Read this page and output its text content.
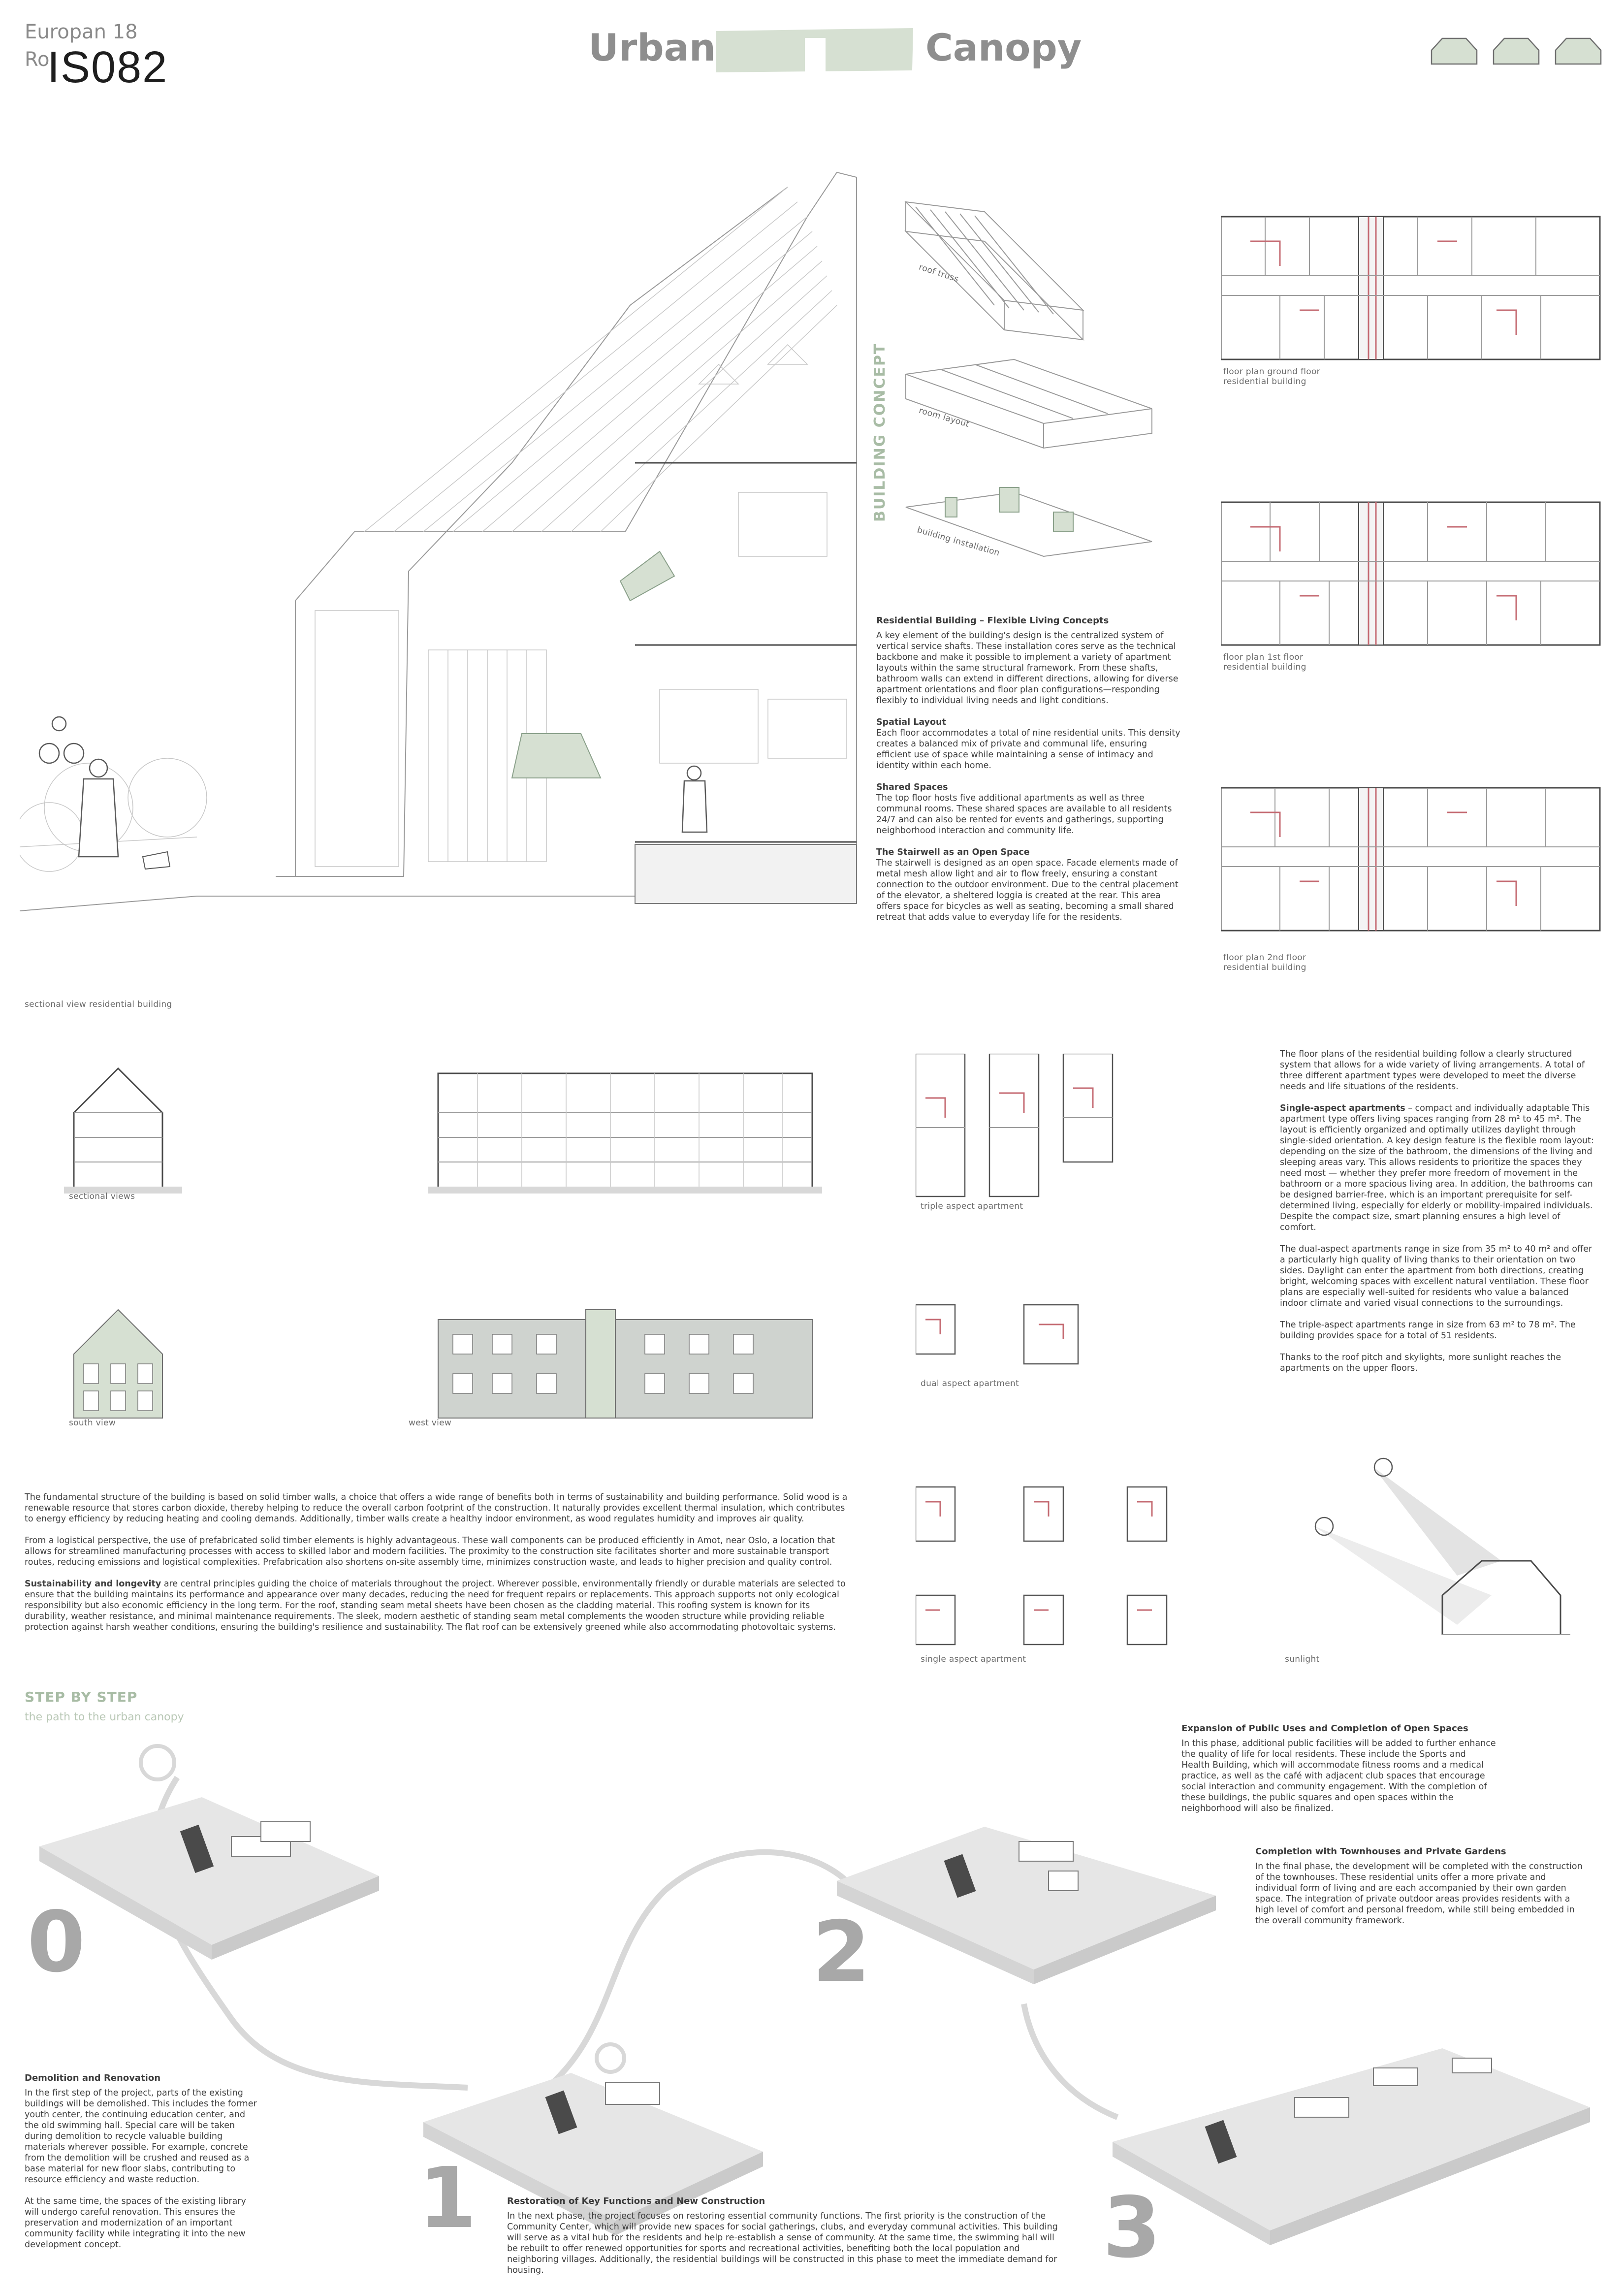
Europan 18
Ro
IS082	Urban	Canopy
sectional view residential building
roof truss
room layout
building installation
BUILDING CONCEPT
Residential Building – Flexible Living Concepts

A key element of the building's design is the centralized system of vertical service shafts. These installation cores serve as the technical backbone and make it possible to implement a variety of apartment layouts within the same structural framework. From these shafts, bathroom walls can extend in different directions, allowing for diverse apartment orientations and floor plan configurations—responding flexibly to individual living needs and light conditions.

Spatial Layout

Each floor accommodates a total of nine residential units. This density creates a balanced mix of private and communal life, ensuring efficient use of space while maintaining a sense of intimacy and identity within each home.

Shared Spaces

The top floor hosts five additional apartments as well as three communal rooms. These shared spaces are available to all residents 24/7 and can also be rented for events and gatherings, supporting neighborhood interaction and community life.

The Stairwell as an Open Space

The stairwell is designed as an open space. Facade elements made of metal mesh allow light and air to flow freely, ensuring a constant connection to the outdoor environment. Due to the central placement of the elevator, a sheltered loggia is created at the rear. This area offers space for bicycles as well as seating, becoming a small shared retreat that adds value to everyday life for the residents.

floor plan ground floor
residential building
floor plan 1st floor
residential building
floor plan 2nd floor
residential building
sectional views
south view	west view
triple aspect apartment
dual aspect apartment
single aspect apartment

The floor plans of the residential building follow a clearly structured system that allows for a wide variety of living arrangements. A total of three different apartment types were developed to meet the diverse needs and life situations of the residents.

Single-aspect apartments – compact and individually adaptable This apartment type offers living spaces ranging from 28 m² to 45 m². The layout is efficiently organized and optimally utilizes daylight through single-sided orientation. A key design feature is the flexible room layout: depending on the size of the bathroom, the dimensions of the living and sleeping areas vary. This allows residents to prioritize the spaces they need most — whether they prefer more freedom of movement in the bathroom or a more spacious living area. In addition, the bathrooms can be designed barrier-free, which is an important prerequisite for self-determined living, especially for elderly or mobility-impaired individuals. Despite the compact size, smart planning ensures a high level of comfort.

The dual-aspect apartments range in size from 35 m² to 40 m² and offer a particularly high quality of living thanks to their orientation on two sides. Daylight can enter the apartment from both directions, creating bright, welcoming spaces with excellent natural ventilation. These floor plans are especially well-suited for residents who value a balanced indoor climate and varied visual connections to the surroundings.

The triple-aspect apartments range in size from 63 m² to 78 m². The building provides space for a total of 51 residents.

Thanks to the roof pitch and skylights, more sunlight reaches the apartments on the upper floors.

sunlight

The fundamental structure of the building is based on solid timber walls, a choice that offers a wide range of benefits both in terms of sustainability and building performance. Solid wood is a renewable resource that stores carbon dioxide, thereby helping to reduce the overall carbon footprint of the construction. It naturally provides excellent thermal insulation, which contributes to energy efficiency by reducing heating and cooling demands. Additionally, timber walls create a healthy indoor environment, as wood regulates humidity and improves air quality.

From a logistical perspective, the use of prefabricated solid timber elements is highly advantageous. These wall components can be produced efficiently in Amot, near Oslo, a location that allows for streamlined manufacturing processes with access to skilled labor and modern facilities. The proximity to the construction site facilitates shorter and more sustainable transport routes, reducing emissions and logistical complexities. Prefabrication also shortens on-site assembly time, minimizes construction waste, and leads to higher precision and quality control.

Sustainability and longevity are central principles guiding the choice of materials throughout the project. Wherever possible, environmentally friendly or durable materials are selected to ensure that the building maintains its performance and appearance over many decades, reducing the need for frequent repairs or replacements. This approach supports not only ecological responsibility but also economic efficiency in the long term. For the roof, standing seam metal sheets have been chosen as the cladding material. This roofing system is known for its durability, weather resistance, and minimal maintenance requirements. The sleek, modern aesthetic of standing seam metal complements the wooden structure while providing reliable protection against harsh weather conditions, ensuring the building's resilience and sustainability. The flat roof can be extensively greened while also accommodating photovoltaic systems.

STEP BY STEP
the path to the urban canopy
0
1
2
3
Demolition and Renovation

In the first step of the project, parts of the existing buildings will be demolished. This includes the former youth center, the continuing education center, and the old swimming hall. Special care will be taken during demolition to recycle valuable building materials wherever possible. For example, concrete from the demolition will be crushed and reused as a base material for new floor slabs, contributing to resource efficiency and waste reduction.

At the same time, the spaces of the existing library will undergo careful renovation. This ensures the preservation and modernization of an important community facility while integrating it into the new development concept.

Restoration of Key Functions and New Construction

In the next phase, the project focuses on restoring essential community functions. The first priority is the construction of the Community Center, which will provide new spaces for social gatherings, clubs, and everyday communal activities. This building will serve as a vital hub for the residents and help re-establish a sense of community. At the same time, the swimming hall will be rebuilt to offer renewed opportunities for sports and recreational activities, benefiting both the local population and neighboring villages. Additionally, the residential buildings will be constructed in this phase to meet the immediate demand for housing.

Expansion of Public Uses and Completion of Open Spaces

In this phase, additional public facilities will be added to further enhance the quality of life for local residents. These include the Sports and Health Building, which will accommodate fitness rooms and a medical practice, as well as the café with adjacent club spaces that encourage social interaction and community engagement. With the completion of these buildings, the public squares and open spaces within the neighborhood will also be finalized.

Completion with Townhouses and Private Gardens

In the final phase, the development will be completed with the construction of the townhouses. These residential units offer a more private and individual form of living and are each accompanied by their own garden space. The integration of private outdoor areas provides residents with a high level of comfort and personal freedom, while still being embedded in the overall community framework.
